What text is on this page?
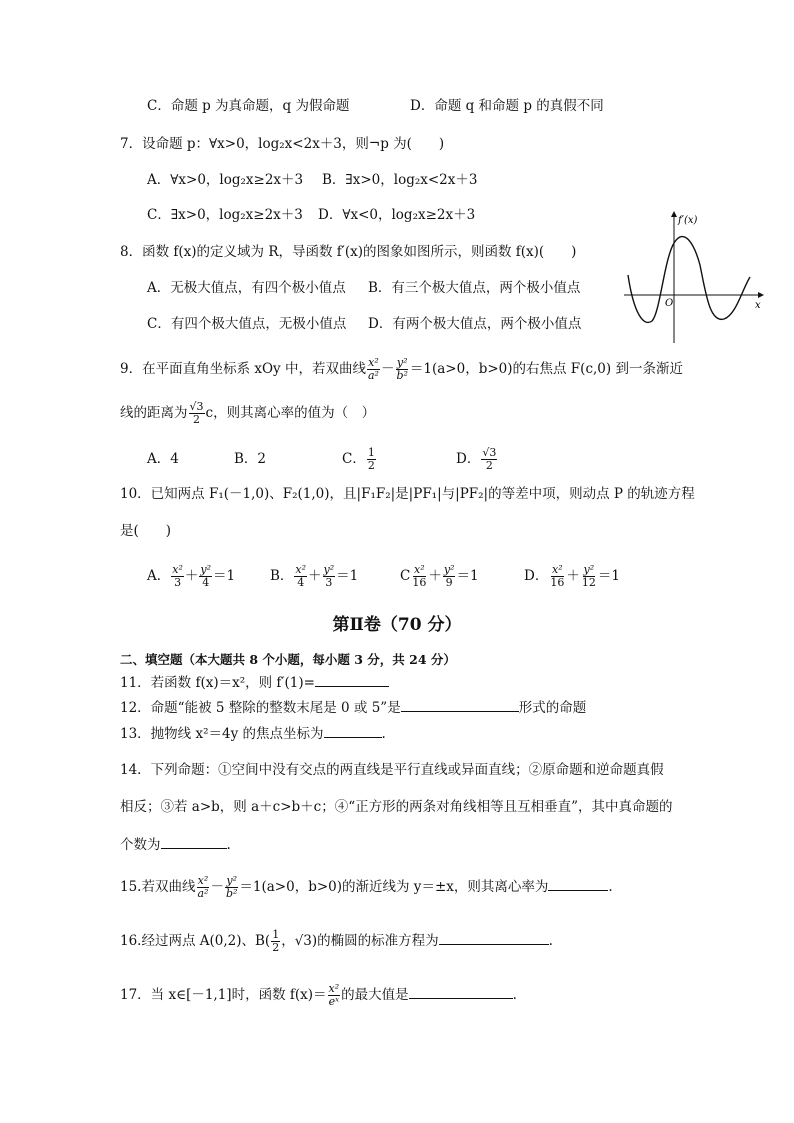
C．命题 p 为真命题，q 为假命题	D．命题 q 和命题 p 的真假不同
7．设命题 p：∀x>0，log₂x<2x＋3，则¬p 为(　　)
A．∀x>0，log₂x≥2x＋3 B．∃x>0，log₂x<2x＋3
C．∃x>0，log₂x≥2x＋3 D．∀x<0，log₂x≥2x＋3
8．函数 f(x)的定义域为 R，导函数 f′(x)的图象如图所示，则函数 f(x)(　　)
A．无极大值点，有四个极小值点 B．有三个极大值点，两个极小值点
C．有四个极大值点，无极小值点 D．有两个极大值点，两个极小值点
f′(x)
O	x
9．在平面直角坐标系 xOy 中，若双曲线 $\frac{\text{x²}}{\text{a²}} - \frac{\text{y²}}{\text{b²}} =1(a>0$，b>0)的右焦点 F(c,0) 到一条渐近
线的距离为 $\frac{√3}{2}$ c，则其离心率的值为（　）
A．4	B．2	C． $\frac{1}{2}$	D． $\frac{√3}{2}$
10．已知两点 F₁(－1,0)、F₂(1,0)，且|F₁F₂|是|PF₁|与|PF₂|的等差中项，则动点 P 的轨迹方程
是(　　)
A． $\frac{\text{x²}}{3} + \frac{\text{y²}}{4} =1$	B． $\frac{\text{x²}}{4} + \frac{\text{y²}}{3} =1$	C $\frac{\text{x²}}{16} + \frac{\text{y²}}{9} =1$	D． $\frac{\text{x²}}{16} + \frac{\text{y²}}{12} =1$
第Ⅱ卷（70 分）
二、填空题（本大题共 8 个小题，每小题 3 分，共 24 分）
11．若函数 f(x)＝x²，则 f′(1)=
12．命题“能被 5 整除的整数末尾是 0 或 5”是	形式的命题
13．抛物线 x²＝4y 的焦点坐标为	.
14．下列命题：①空间中没有交点的两直线是平行直线或异面直线；②原命题和逆命题真假
相反；③若 a>b，则 a＋c>b＋c；④“正方形的两条对角线相等且互相垂直”，其中真命题的
个数为	.
15.若双曲线 $\frac{\text{x²}}{\text{a²}} - \frac{\text{y²}}{\text{b²}} =1(a>0$，b>0)的渐近线为 y＝±x，则其离心率为	.
16.经过两点 A(0,2)、$B( \frac{1}{2}$ ，√3)的椭圆的标准方程为	.
17．当 x∈[－1,1]时，函数 $f(x)= \frac{\text{x²}}{\text{eˣ}}$ 的最大值是	.
